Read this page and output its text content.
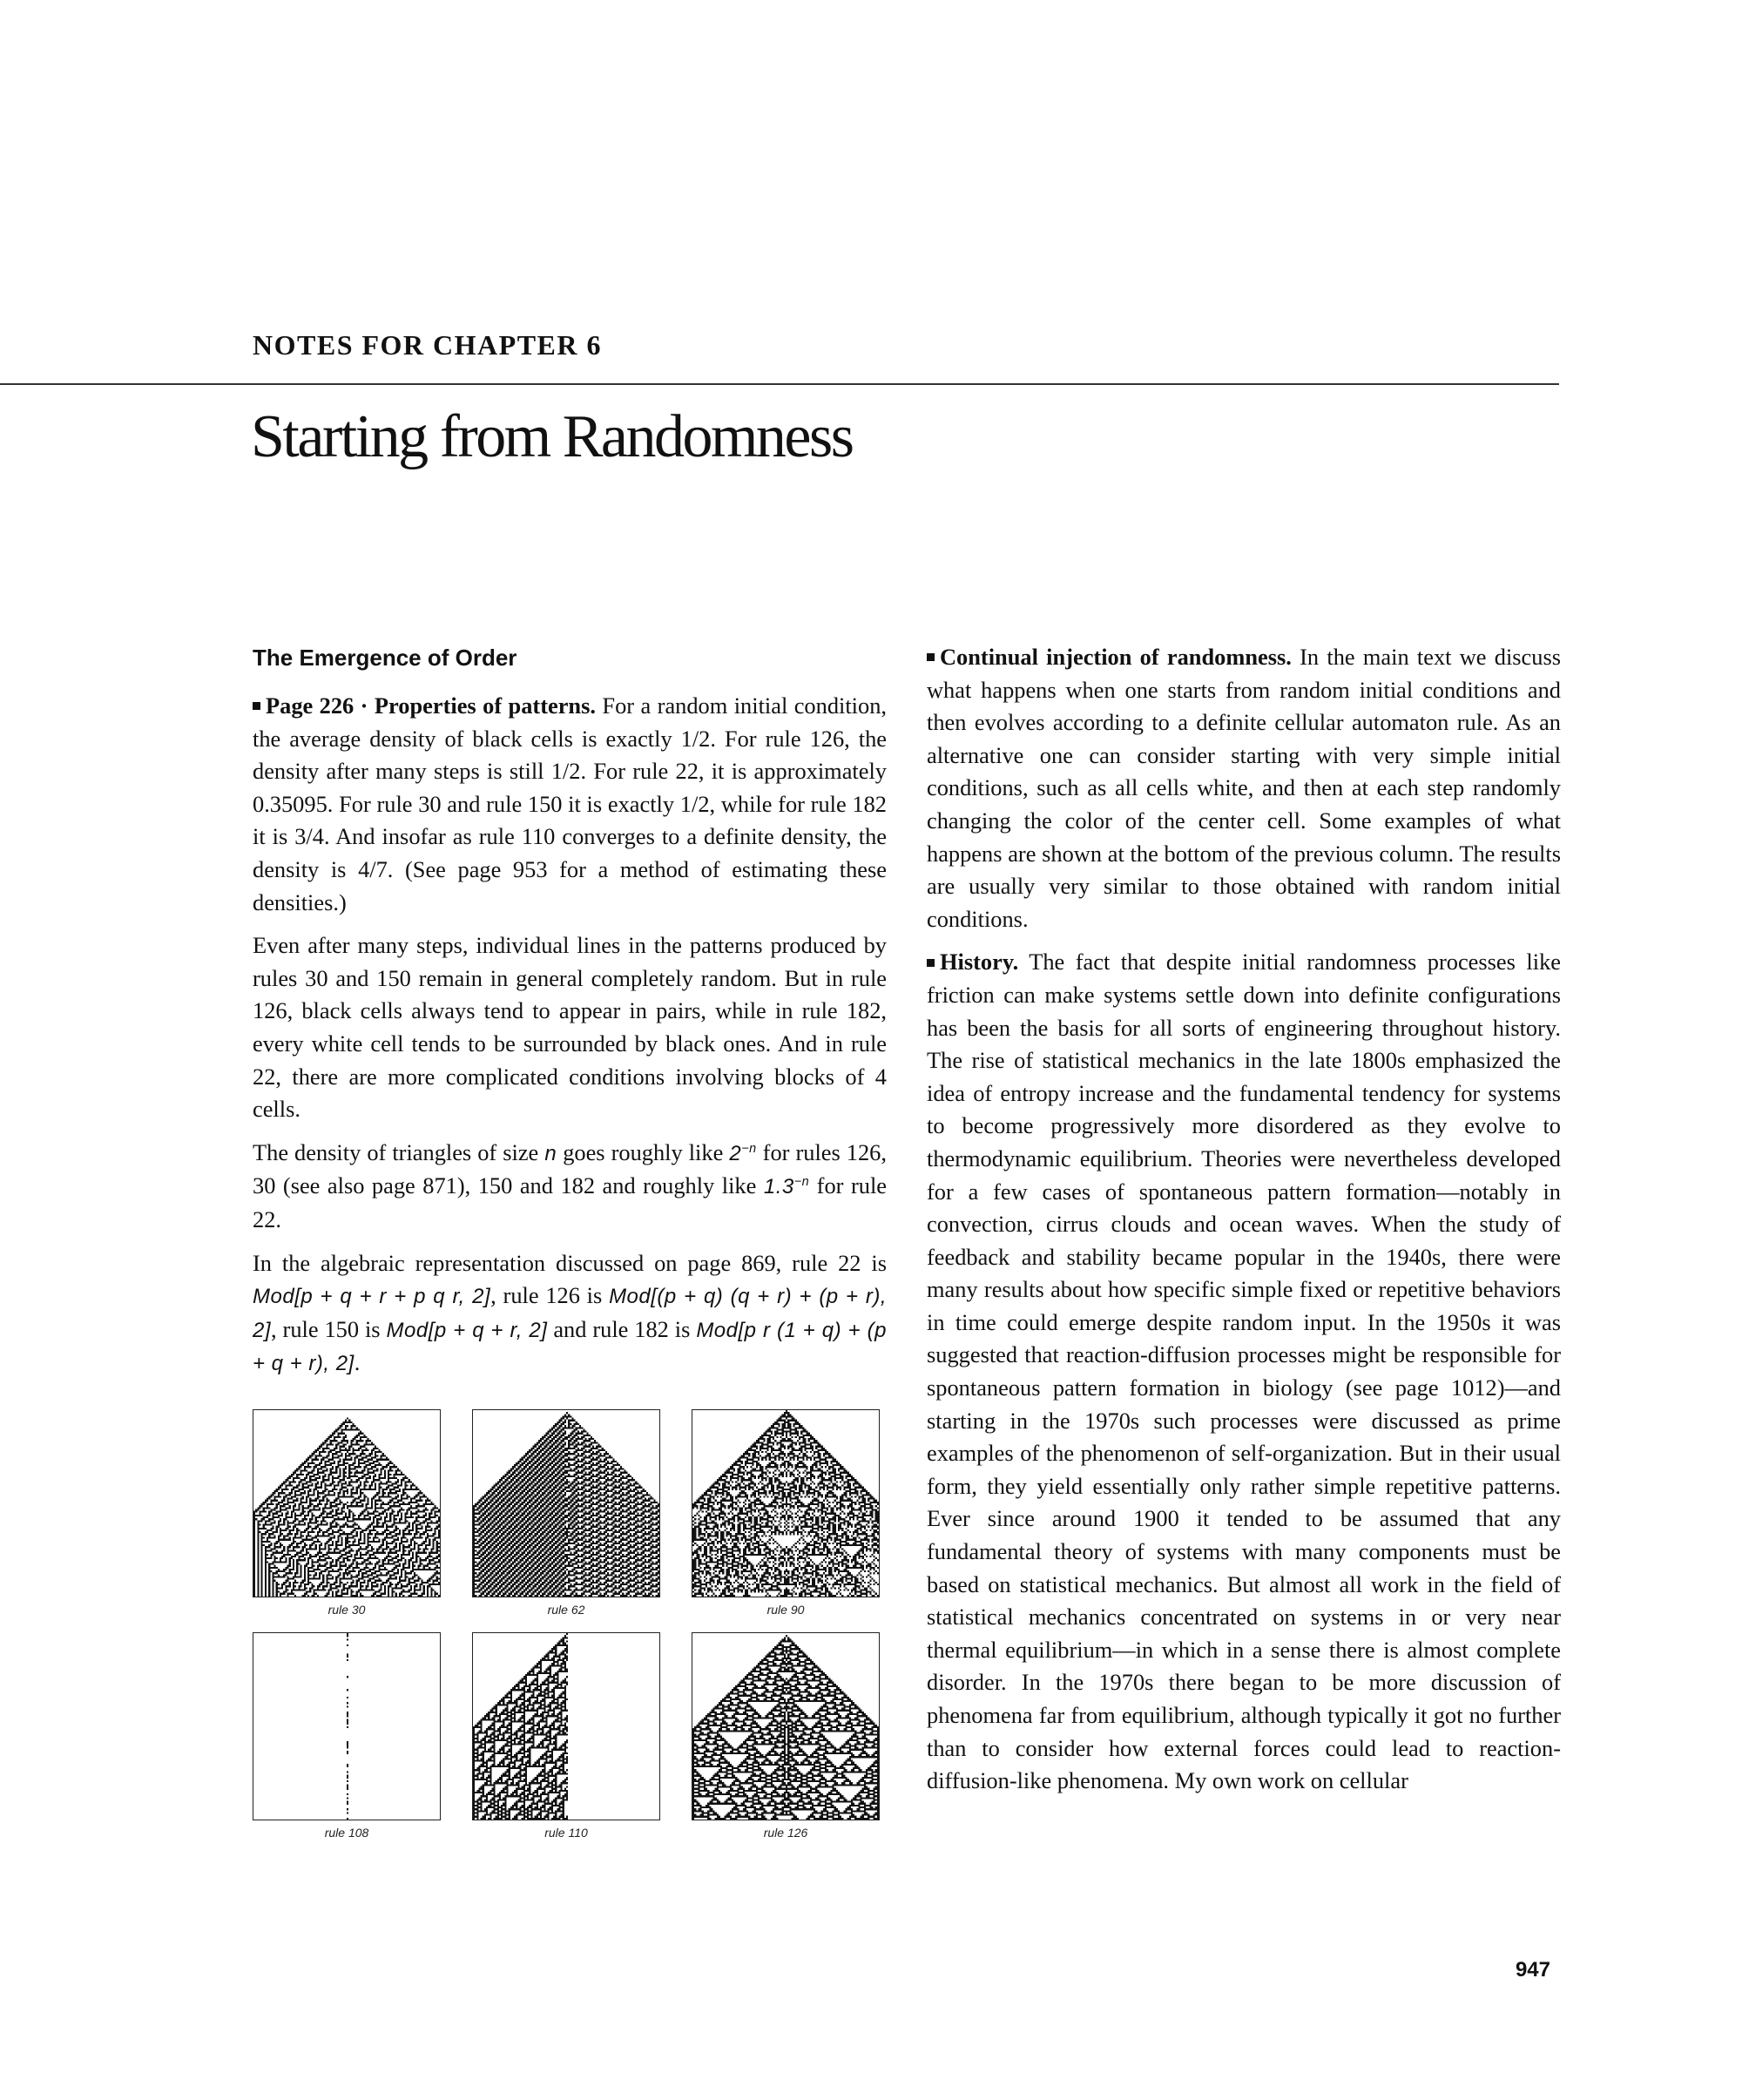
NOTES FOR CHAPTER 6
Starting from Randomness
The Emergence of Order

Page 226 · Properties of patterns. For a random initial condition, the average density of black cells is exactly 1/2. For rule 126, the density after many steps is still 1/2. For rule 22, it is approximately 0.35095. For rule 30 and rule 150 it is exactly 1/2, while for rule 182 it is 3/4. And insofar as rule 110 converges to a definite density, the density is 4/7. (See page 953 for a method of estimating these densities.)

Even after many steps, individual lines in the patterns produced by rules 30 and 150 remain in general completely random. But in rule 126, black cells always tend to appear in pairs, while in rule 182, every white cell tends to be surrounded by black ones. And in rule 22, there are more complicated conditions involving blocks of 4 cells.

The density of triangles of size n goes roughly like $2^{-n}$ for rules 126, 30 (see also page 871), 150 and 182 and roughly like $1.3^{-n}$ for rule 22.

In the algebraic representation discussed on page 869, rule 22 is Mod[p + q + r + p q r, 2], rule 126 is Mod[(p + q) (q + r) + (p + r), 2], rule 150 is Mod[p + q + r, 2] and rule 182 is Mod[p r (1 + q) + (p + q + r), 2].

rule 30	rule 62	rule 90
rule 108	rule 110	rule 126

Continual injection of randomness. In the main text we discuss what happens when one starts from random initial conditions and then evolves according to a definite cellular automaton rule. As an alternative one can consider starting with very simple initial conditions, such as all cells white, and then at each step randomly changing the color of the center cell. Some examples of what happens are shown at the bottom of the previous column. The results are usually very similar to those obtained with random initial conditions.

History. The fact that despite initial randomness processes like friction can make systems settle down into definite configurations has been the basis for all sorts of engineering throughout history. The rise of statistical mechanics in the late 1800s emphasized the idea of entropy increase and the fundamental tendency for systems to become progressively more disordered as they evolve to thermodynamic equilibrium. Theories were nevertheless developed for a few cases of spontaneous pattern formation—notably in convection, cirrus clouds and ocean waves. When the study of feedback and stability became popular in the 1940s, there were many results about how specific simple fixed or repetitive behaviors in time could emerge despite random input. In the 1950s it was suggested that reaction-diffusion processes might be responsible for spontaneous pattern formation in biology (see page 1012)—and starting in the 1970s such processes were discussed as prime examples of the phenomenon of self-organization. But in their usual form, they yield essentially only rather simple repetitive patterns. Ever since around 1900 it tended to be assumed that any fundamental theory of systems with many components must be based on statistical mechanics. But almost all work in the field of statistical mechanics concentrated on systems in or very near thermal equilibrium—in which in a sense there is almost complete disorder. In the 1970s there began to be more discussion of phenomena far from equilibrium, although typically it got no further than to consider how external forces could lead to reaction-diffusion-like phenomena. My own work on cellular

947
